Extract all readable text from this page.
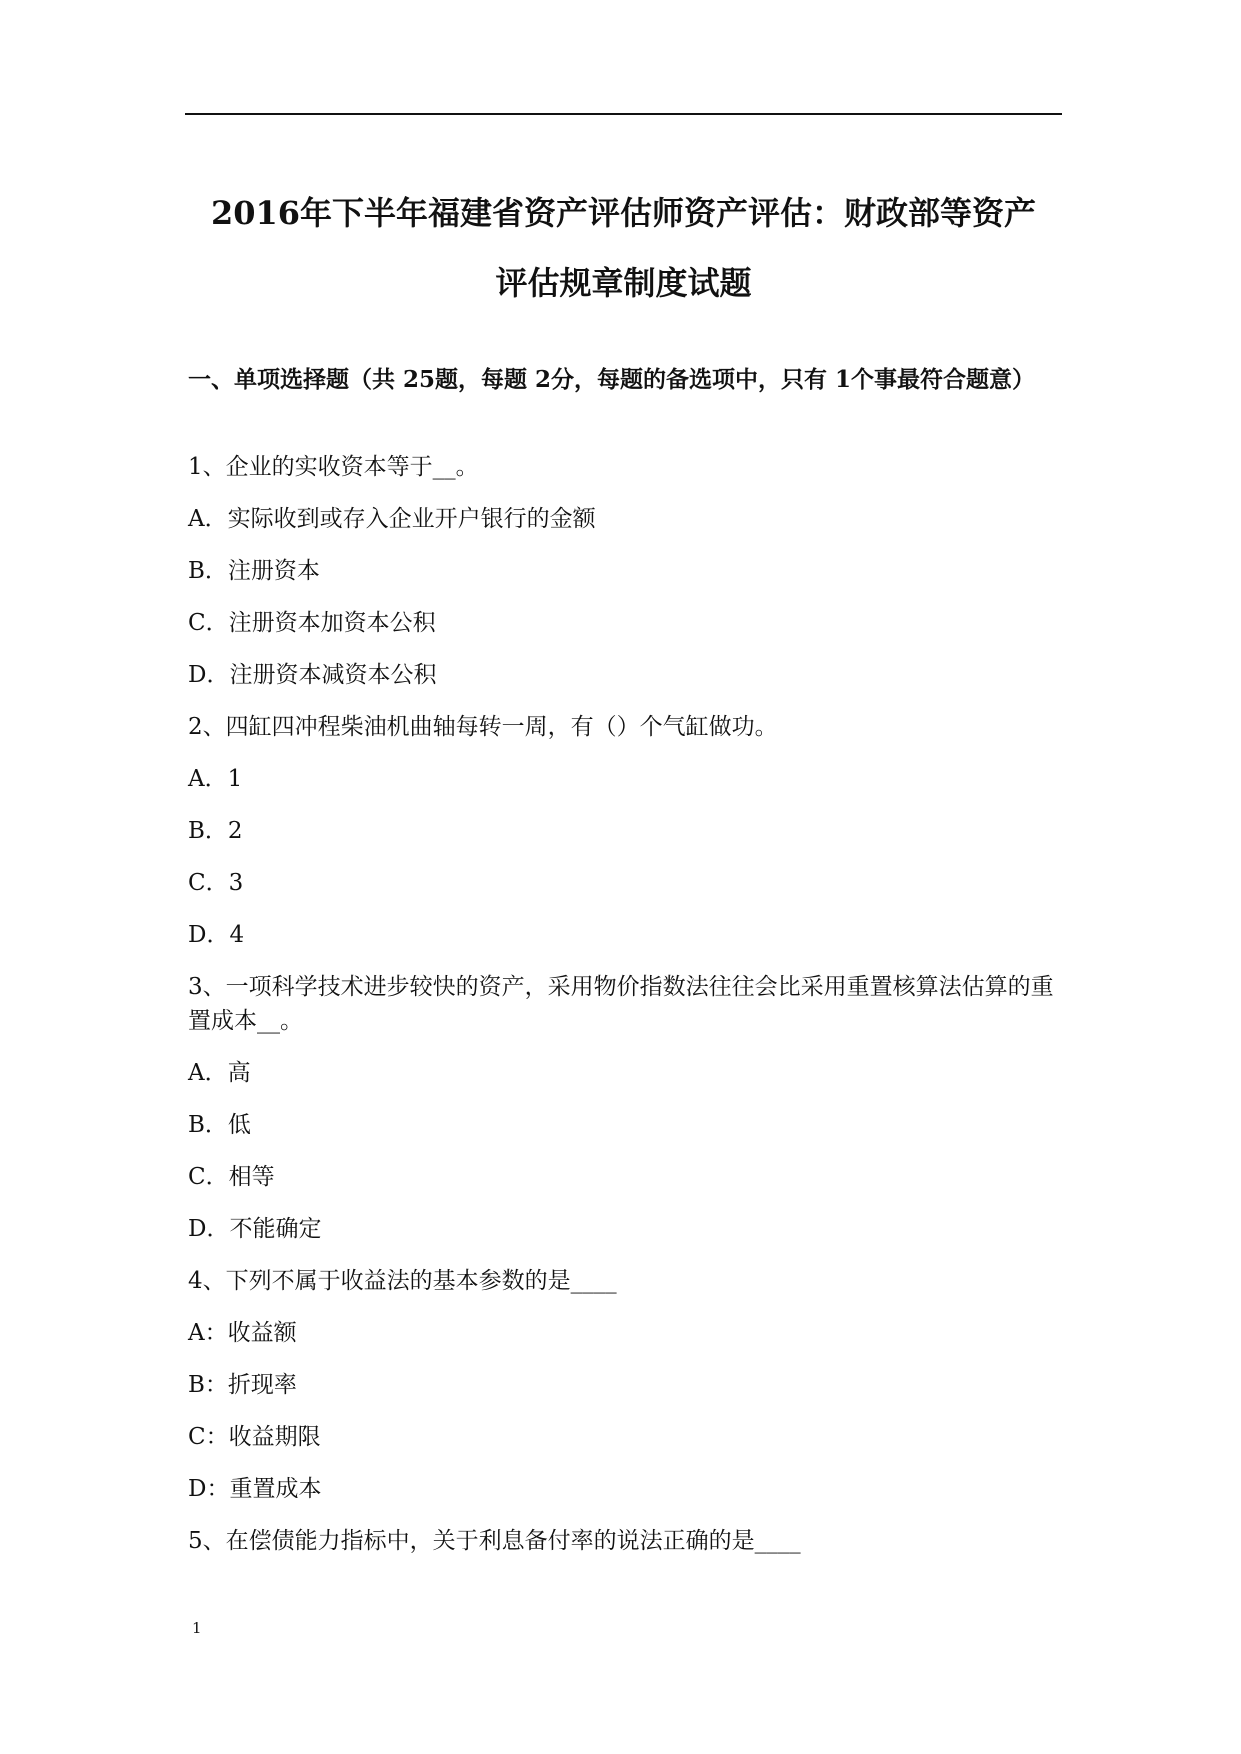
2016年下半年福建省资产评估师资产评估：财政部等资产
评估规章制度试题
一、单项选择题（共 25题，每题 2分，每题的备选项中，只有 1个事最符合题意）
1、企业的实收资本等于__。
A．实际收到或存入企业开户银行的金额
B．注册资本
C．注册资本加资本公积
D．注册资本减资本公积
2、四缸四冲程柴油机曲轴每转一周，有（）个气缸做功。
A．1
B．2
C．3
D．4
3、一项科学技术进步较快的资产，采用物价指数法往往会比采用重置核算法估算的重置成本__。
A．高
B．低
C．相等
D．不能确定
4、下列不属于收益法的基本参数的是____
A：收益额
B：折现率
C：收益期限
D：重置成本
5、在偿债能力指标中，关于利息备付率的说法正确的是____
1
